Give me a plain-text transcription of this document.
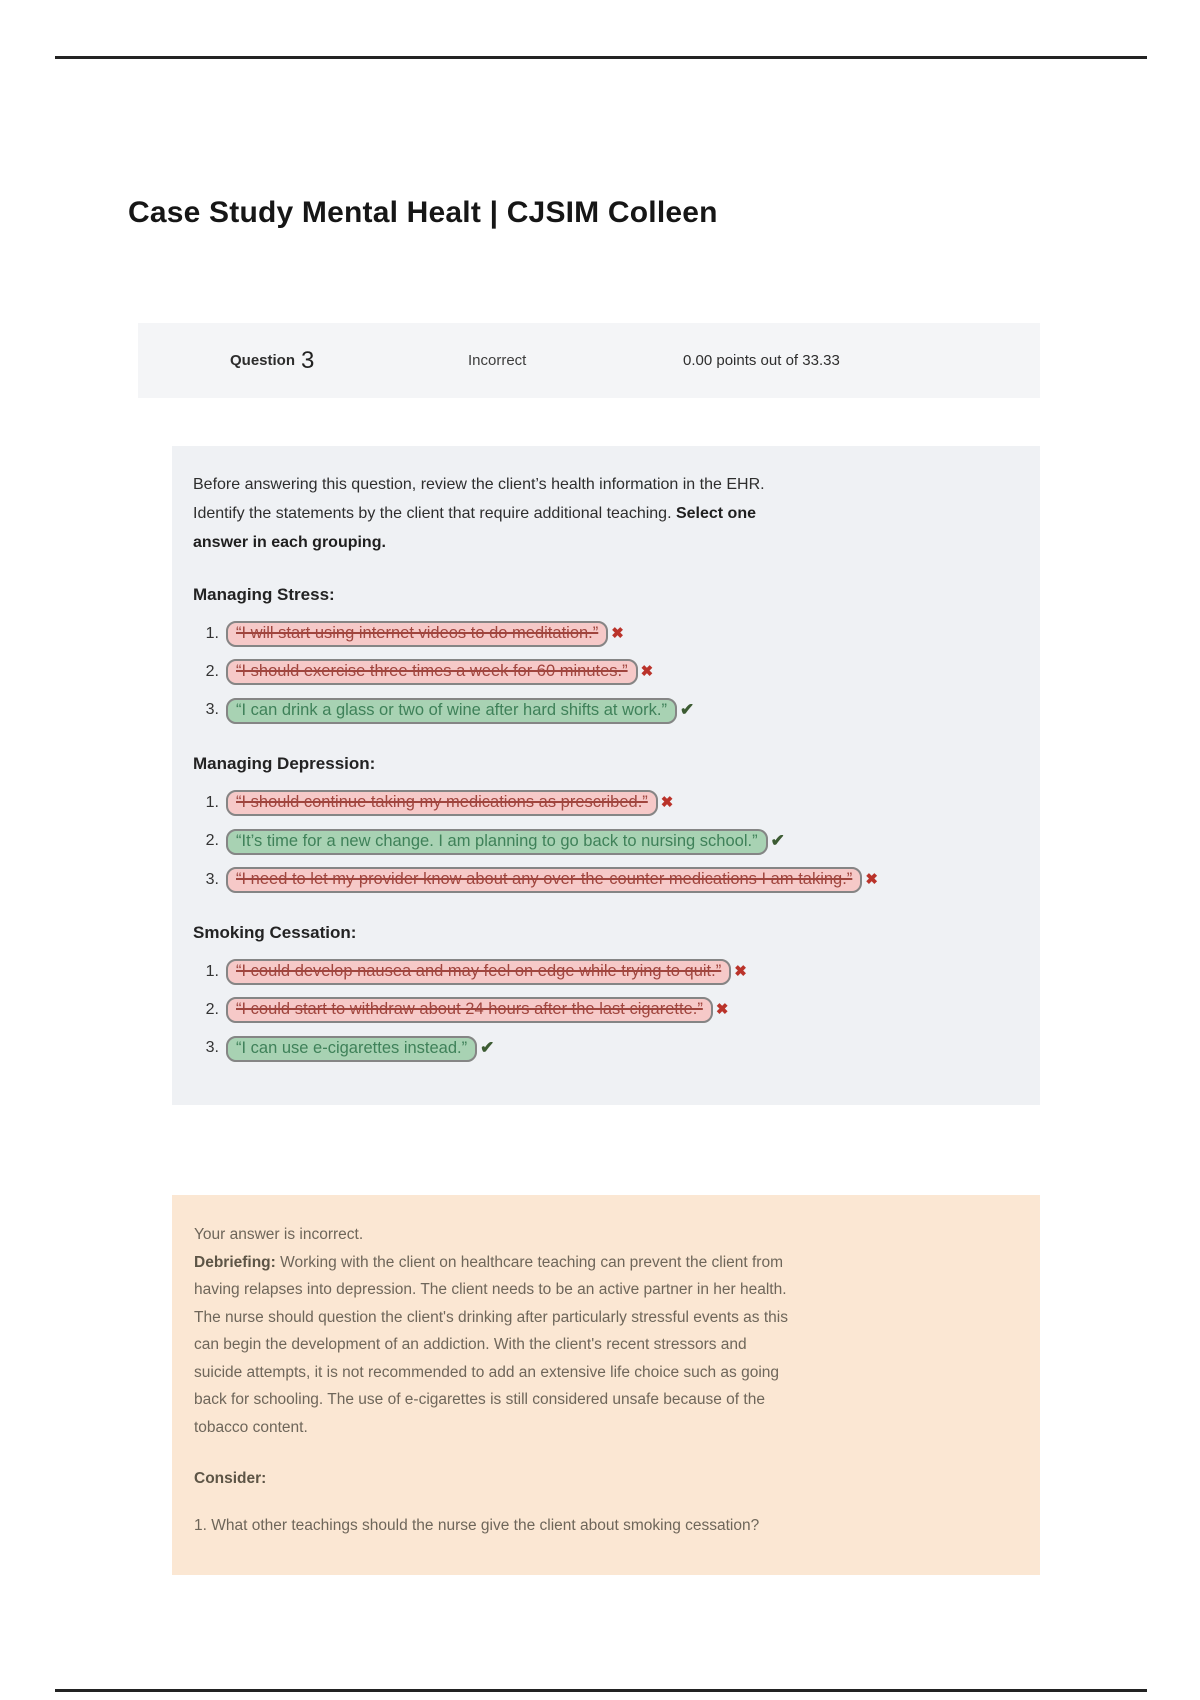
Case Study Mental Healt | CJSIM Colleen
Question 3	Incorrect	0.00 points out of 33.33
Before answering this question, review the client’s health information in the EHR.
Identify the statements by the client that require additional teaching. Select one
answer in each grouping.
Managing Stress:
1.	“I will start using internet videos to do meditation.” ✖
2.	“I should exercise three times a week for 60 minutes.” ✖
3.	“I can drink a glass or two of wine after hard shifts at work.” ✔
Managing Depression:
1.	“I should continue taking my medications as prescribed.” ✖
2.	“It’s time for a new change. I am planning to go back to nursing school.” ✔
3.	“I need to let my provider know about any over-the-counter medications I am taking.” ✖
Smoking Cessation:
1.	“I could develop nausea and may feel on edge while trying to quit.” ✖
2.	“I could start to withdraw about 24 hours after the last cigarette.” ✖
3.	“I can use e-cigarettes instead.” ✔
Your answer is incorrect.
Debriefing: Working with the client on healthcare teaching can prevent the client from
having relapses into depression. The client needs to be an active partner in her health.
The nurse should question the client's drinking after particularly stressful events as this
can begin the development of an addiction. With the client's recent stressors and
suicide attempts, it is not recommended to add an extensive life choice such as going
back for schooling. The use of e-cigarettes is still considered unsafe because of the
tobacco content.
Consider:
1. What other teachings should the nurse give the client about smoking cessation?
